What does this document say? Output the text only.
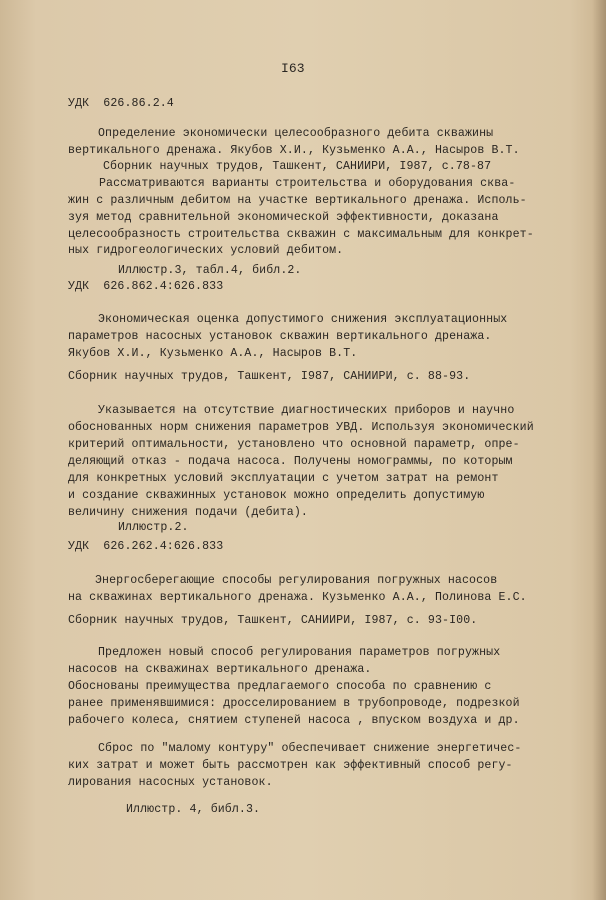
I63
УДК  626.86.2.4
Определение экономически целесообразного дебита скважины
вертикального дренажа. Якубов Х.И., Кузьменко А.А., Насыров В.Т.
Сборник научных трудов, Ташкент, САНИИРИ, I987, с.78-87
Рассматриваются варианты строительства и оборудования сква-
жин с различным дебитом на участке вертикального дренажа. Исполь-
зуя метод сравнительной экономической эффективности, доказана
целесообразность строительства скважин с максимальным для конкрет-
ных гидрогеологических условий дебитом.
Иллюстр.3, табл.4, библ.2.
УДК  626.862.4:626.833
Экономическая оценка допустимого снижения эксплуатационных
параметров насосных установок скважин вертикального дренажа.
Якубов Х.И., Кузьменко А.А., Насыров В.Т.
Сборник научных трудов, Ташкент, I987, САНИИРИ, с. 88-93.
Указывается на отсутствие диагностических приборов и научно
обоснованных норм снижения параметров УВД. Используя экономический
критерий оптимальности, установлено что основной параметр, опре-
деляющий отказ - подача насоса. Получены номограммы, по которым
для конкретных условий эксплуатации с учетом затрат на ремонт
и создание скважинных установок можно определить допустимую
величину снижения подачи (дебита).
Иллюстр.2.
УДК  626.262.4:626.833
Энергосберегающие способы регулирования погружных насосов
на скважинах вертикального дренажа. Кузьменко А.А., Полинова Е.С.
Сборник научных трудов, Ташкент, САНИИРИ, I987, с. 93-I00.
Предложен новый способ регулирования параметров погружных
насосов на скважинах вертикального дренажа.
Обоснованы преимущества предлагаемого способа по сравнению с
ранее применявшимися: дросселированием в трубопроводе, подрезкой
рабочего колеса, снятием ступеней насоса , впуском воздуха и др.
Сброс по "малому контуру" обеспечивает снижение энергетичес-
ких затрат и может быть рассмотрен как эффективный способ регу-
лирования насосных установок.
Иллюстр. 4, библ.3.
